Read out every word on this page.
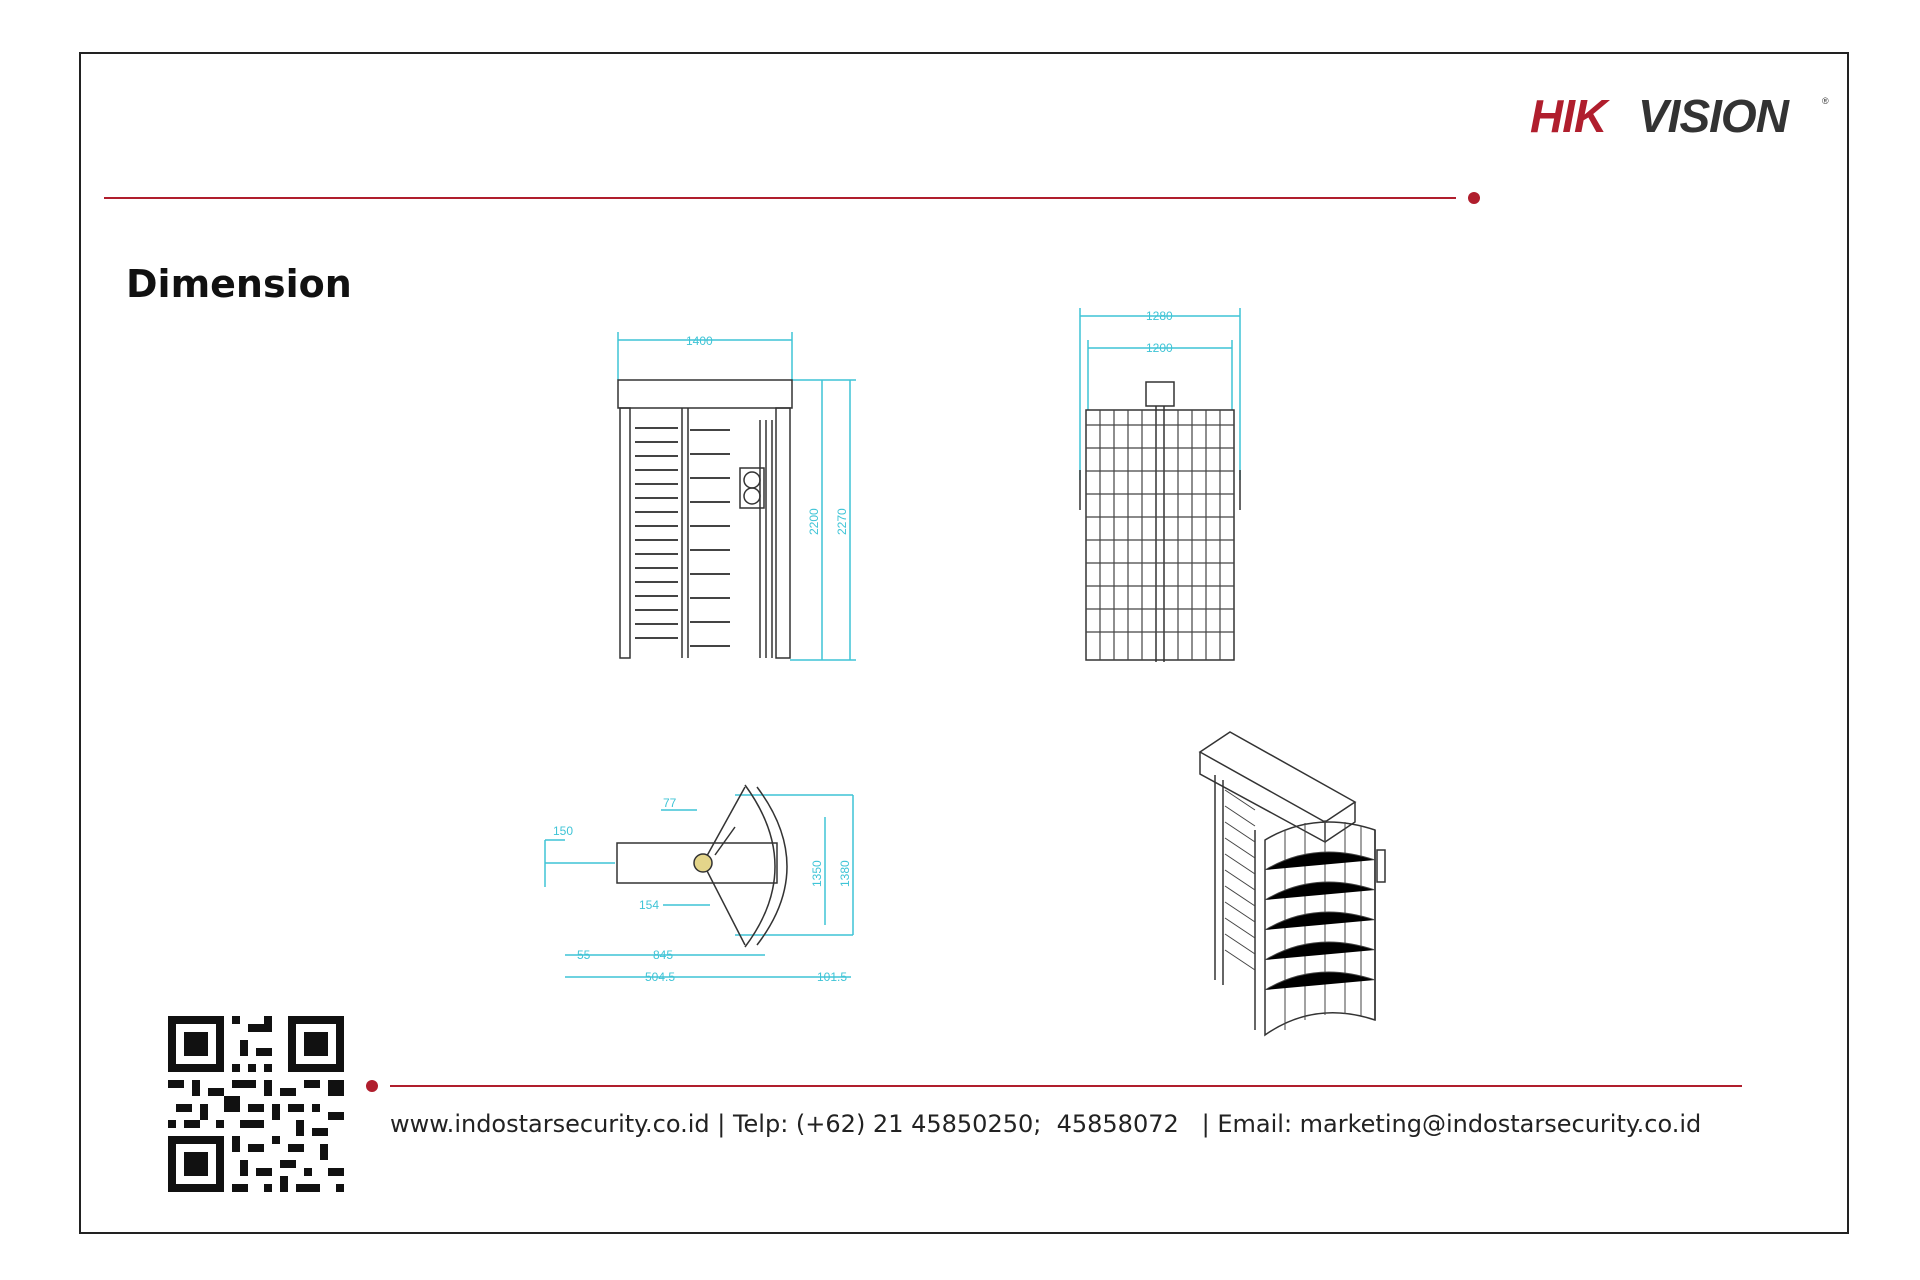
HIK VISION	®
Dimension
1400
2200 2270
1280
1200
150
77
154
55	845
504.5
1350 1380
101.5
www.indostarsecurity.co.id | Telp: (+62) 21 45850250;  45858072   | Email: marketing@indostarsecurity.co.id
